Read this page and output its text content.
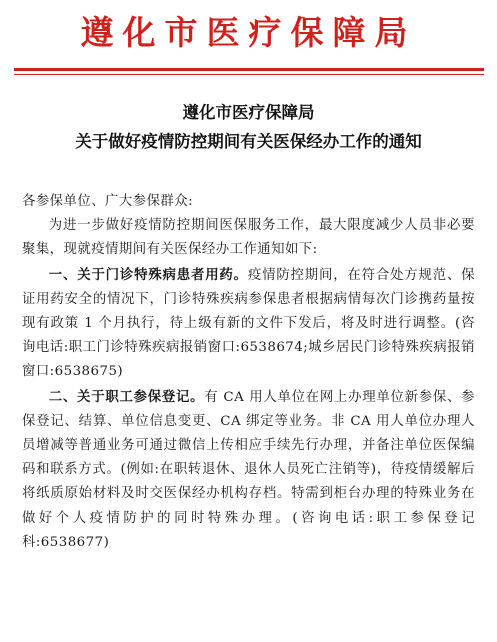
遵化市医疗保障局
遵化市医疗保障局
关于做好疫情防控期间有关医保经办工作的通知

各参保单位、广大参保群众:

为进一步做好疫情防控期间医保服务工作，最大限度减少人员非必要聚集，现就疫情期间有关医保经办工作通知如下:

一、关于门诊特殊病患者用药。疫情防控期间，在符合处方规范、保证用药安全的情况下，门诊特殊疾病参保患者根据病情每次门诊携药量按现有政策 1 个月执行，待上级有新的文件下发后，将及时进行调整。(咨询电话:职工门诊特殊疾病报销窗口:6538674;城乡居民门诊特殊疾病报销窗口:6538675)

二、关于职工参保登记。有 CA 用人单位在网上办理单位新参保、参保登记、结算、单位信息变更、CA 绑定等业务。非 CA 用人单位办理人员增减等普通业务可通过微信上传相应手续先行办理，并备注单位医保编码和联系方式。(例如:在职转退休、退休人员死亡注销等)，待疫情缓解后将纸质原始材料及时交医保经办机构存档。特需到柜台办理的特殊业务在做好个人疫情防护的同时特殊办理。(咨询电话:职工参保登记科:6538677)
